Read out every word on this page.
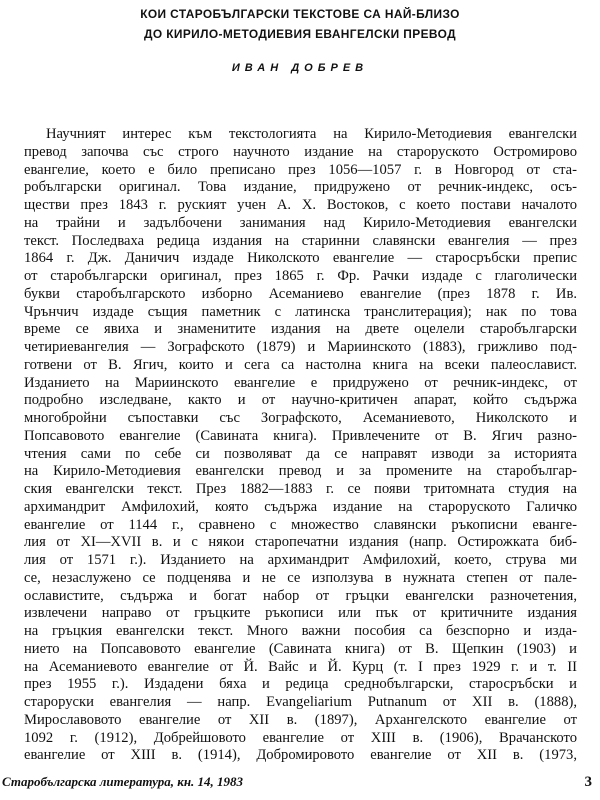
КОИ СТАРОБЪЛГАРСКИ ТЕКСТОВЕ СА НАЙ-БЛИЗО
ДО КИРИЛО-МЕТОДИЕВИЯ ЕВАНГЕЛСКИ ПРЕВОД
ИВАН ДОБРЕВ
Научният интерес към текстологията на Кирило-Методиевия евангелски
превод започва със строго научното издание на староруското Остромирово
евангелие, което е било преписано през 1056—1057 г. в Новгород от ста-
робългарски оригинал. Това издание, придружено от речник-индекс, осъ-
ществи през 1843 г. руският учен А. Х. Востоков, с което постави началото
на трайни и задълбочени занимания над Кирило-Методиевия евангелски
текст. Последваха редица издания на старинни славянски евангелия — през
1864 г. Дж. Даничич издаде Николското евангелие — старосръбски препис
от старобългарски оригинал, през 1865 г. Фр. Рачки издаде с глаголически
букви старобългарското изборно Асеманиево евангелие (през 1878 г. Ив.
Чрънчич издаде същия паметник с латинска транслитерация); нак по това
време се явиха и знаменитите издания на двете оцелели старобългарски
четириевангелия — Зографското (1879) и Мариинското (1883), грижливо под-
готвени от В. Ягич, които и сега са настолна книга на всеки палеославист.
Изданието на Мариинското евангелие е придружено от речник-индекс, от
подробно изследване, както и от научно-критичен апарат, който съдържа
многобройни съпоставки със Зографското, Асеманиевото, Николското и
Попсавовото евангелие (Савината книга). Привлечените от В. Ягич разно-
чтения сами по себе си позволяват да се направят изводи за историята
на Кирило-Методиевия евангелски превод и за промените на старобългар-
ския евангелски текст. През 1882—1883 г. се появи тритомната студия на
архимандрит Амфилохий, която съдържа издание на староруското Галичко
евангелие от 1144 г., сравнено с множество славянски ръкописни еванге-
лия от XI—XVII в. и с някои старопечатни издания (напр. Остирожката биб-
лия от 1571 г.). Изданието на архимандрит Амфилохий, което, струва ми
се, незаслужено се подценява и не се използува в нужната степен от пале-
ославистите, съдържа и богат набор от гръцки евангелски разночетения,
извлечени направо от гръцките ръкописи или пък от критичните издания
на гръцкия евангелски текст. Много важни пособия са безспорно и изда-
нието на Попсавовото евангелие (Савината книга) от В. Щепкин (1903) и
на Асеманиевото евангелие от Й. Вайс и Й. Курц (т. I през 1929 г. и т. II
през 1955 г.). Издадени бяха и редица среднобългарски, старосръбски и
староруски евангелия — напр. Evangeliarium Putnanum от XII в. (1888),
Мирославовото евангелие от XII в. (1897), Архангелското евангелие от
1092 г. (1912), Добрейшовото евангелие от XIII в. (1906), Врачанското
евангелие от XIII в. (1914), Добромировото евангелие от XII в. (1973,
Старобългарска литература, кн. 14, 1983	3
